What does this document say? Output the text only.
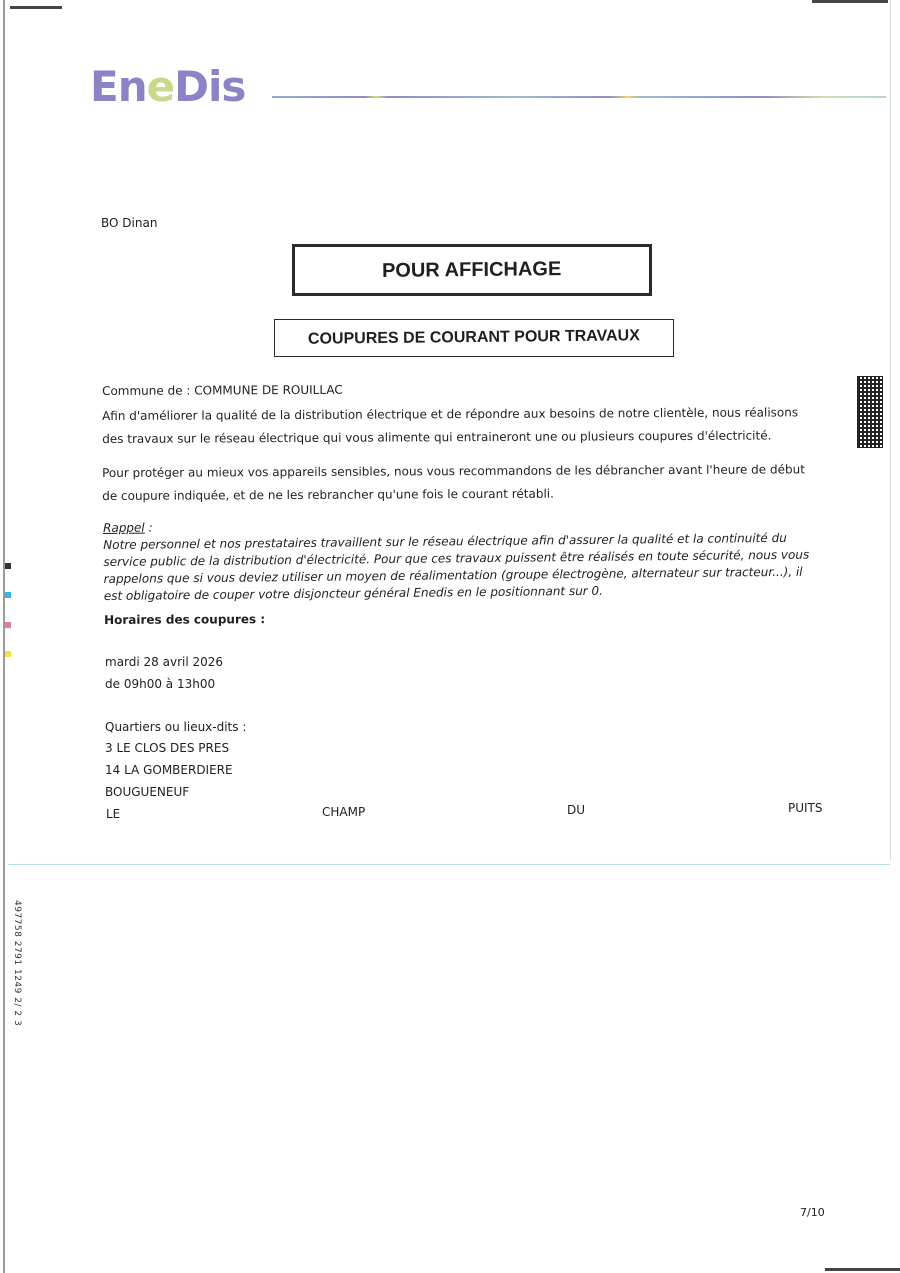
EneDis
BO Dinan
POUR AFFICHAGE
COUPURES DE COURANT POUR TRAVAUX
Commune de : COMMUNE DE ROUILLAC
Afin d'améliorer la qualité de la distribution électrique et de répondre aux besoins de notre clientèle, nous réalisons des travaux sur le réseau électrique qui vous alimente qui entraineront une ou plusieurs coupures d'électricité.
Pour protéger au mieux vos appareils sensibles, nous vous recommandons de les débrancher avant l'heure de début de coupure indiquée, et de ne les rebrancher qu'une fois le courant rétabli.
Rappel :
Notre personnel et nos prestataires travaillent sur le réseau électrique afin d'assurer la qualité et la continuité du service public de la distribution d'électricité. Pour que ces travaux puissent être réalisés en toute sécurité, nous vous rappelons que si vous deviez utiliser un moyen de réalimentation (groupe électrogène, alternateur sur tracteur...), il est obligatoire de couper votre disjoncteur général Enedis en le positionnant sur 0.
Horaires des coupures :
mardi 28 avril 2026
de 09h00 à 13h00
Quartiers ou lieux-dits :
3 LE CLOS DES PRES
14 LA GOMBERDIERE
BOUGUENEUF
LE	CHAMP	DU	PUITS
497758 2791 1249 2/ 2 3
7/10
